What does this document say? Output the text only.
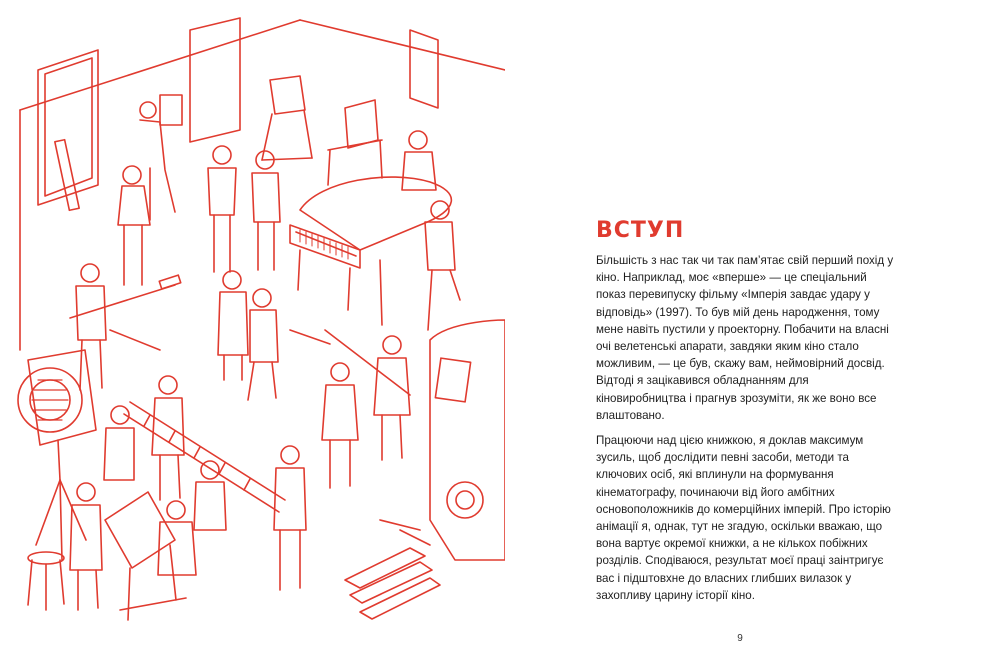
ВСТУП

Більшість з нас так чи так пам’ятає свій перший похід у кіно. Наприклад, моє «вперше» — це спеціальний показ перевипуску фільму «Імперія завдає удару у відповідь» (1997). То був мій день народження, тому мене навіть пустили у проекторну. Побачити на власні очі велетенські апарати, завдяки яким кіно стало можливим, — це був, скажу вам, неймовірний досвід. Відтоді я зацікавився обладнанням для кіновиробництва і прагнув зрозуміти, як же воно все влаштовано.

Працюючи над цією книжкою, я доклав максимум зусиль, щоб дослідити певні засоби, методи та ключових осіб, які вплинули на формування кінематографу, починаючи від його амбітних основоположників до комерційних імперій. Про історію анімації я, однак, тут не згадую, оскільки вважаю, що вона вартує окремої книжки, а не кількох побіжних розділів. Сподіваюся, результат моєї праці заінтригує вас і підштовхне до власних глибших вилазок у захопливу царину історії кіно.

9
